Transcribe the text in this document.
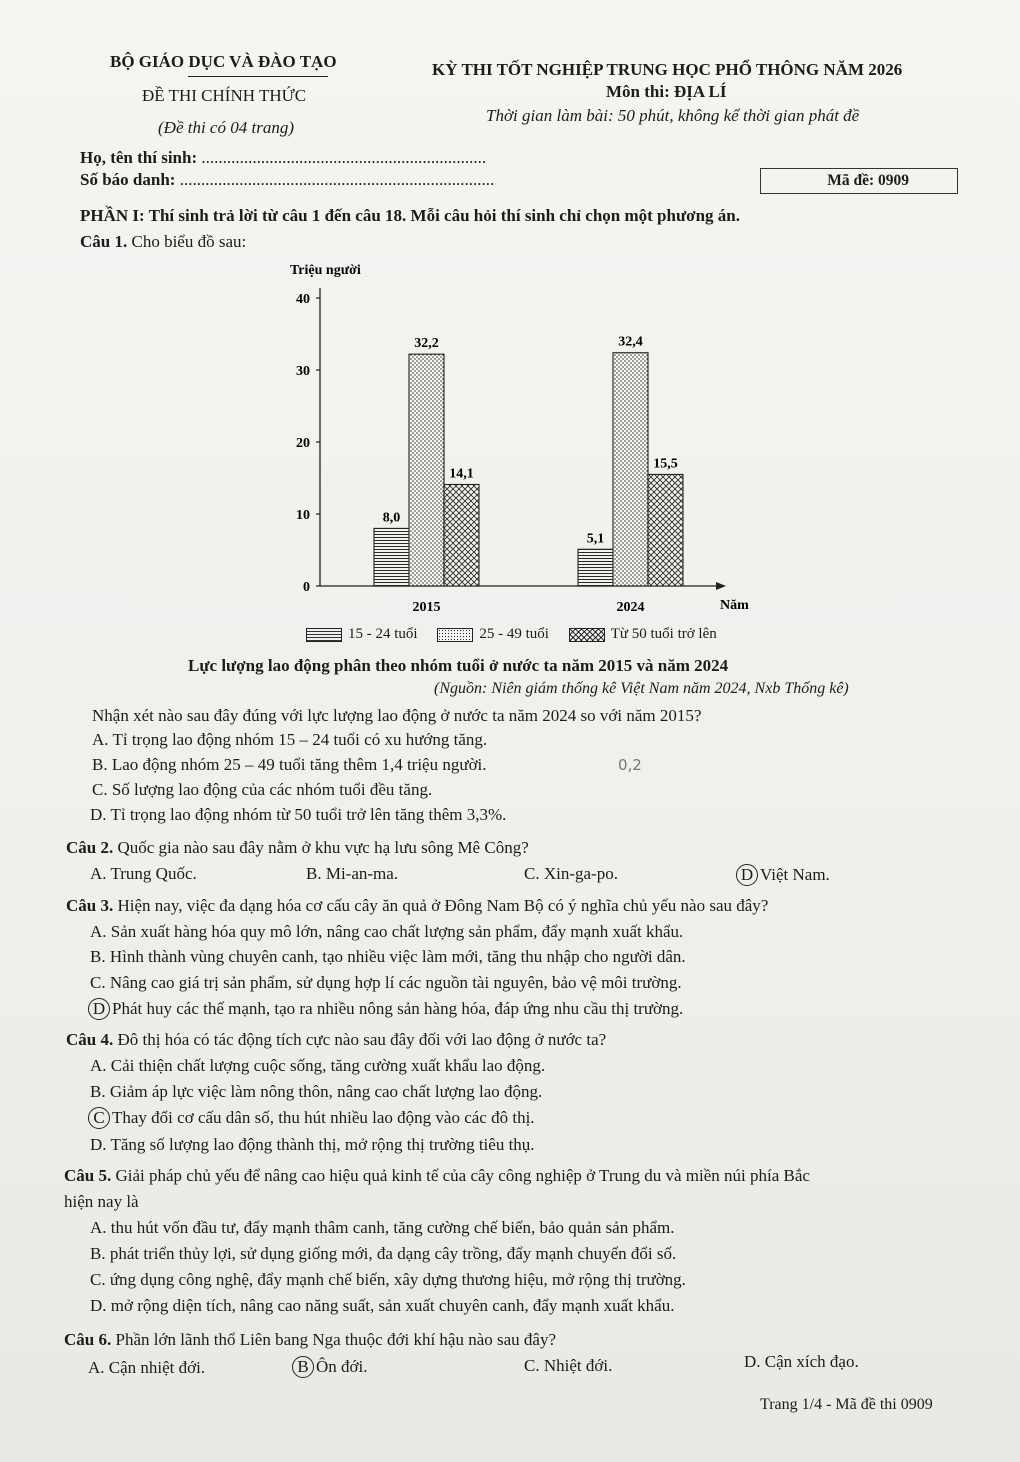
BỘ GIÁO DỤC VÀ ĐÀO TẠO
ĐỀ THI CHÍNH THỨC
(Đề thi có 04 trang)
KỲ THI TỐT NGHIỆP TRUNG HỌC PHỔ THÔNG NĂM 2026
Môn thi: ĐỊA LÍ
Thời gian làm bài: 50 phút, không kể thời gian phát đề
Họ, tên thí sinh: ...................................................................
Số báo danh: ..........................................................................	Mã đề: 0909
PHẦN I: Thí sinh trả lời từ câu 1 đến câu 18. Mỗi câu hỏi thí sinh chỉ chọn một phương án.
Câu 1. Cho biểu đồ sau:
Triệu người
Năm
0
10
20
30
40
8,0
32,2
14,1
2015
5,1
32,4
15,5
2024
15 - 24 tuổi	25 - 49 tuổi	Từ 50 tuổi trở lên
Lực lượng lao động phân theo nhóm tuổi ở nước ta năm 2015 và năm 2024
(Nguồn: Niên giám thống kê Việt Nam năm 2024, Nxb Thống kê)
Nhận xét nào sau đây đúng với lực lượng lao động ở nước ta năm 2024 so với năm 2015?
A. Tỉ trọng lao động nhóm 15 – 24 tuổi có xu hướng tăng.
B. Lao động nhóm 25 – 49 tuổi tăng thêm 1,4 triệu người.	0,2
C. Số lượng lao động của các nhóm tuổi đều tăng.
D. Tỉ trọng lao động nhóm từ 50 tuổi trở lên tăng thêm 3,3%.
Câu 2. Quốc gia nào sau đây nằm ở khu vực hạ lưu sông Mê Công?
A. Trung Quốc.	B. Mi-an-ma.	C. Xin-ga-po.	D Việt Nam.
Câu 3. Hiện nay, việc đa dạng hóa cơ cấu cây ăn quả ở Đông Nam Bộ có ý nghĩa chủ yếu nào sau đây?
A. Sản xuất hàng hóa quy mô lớn, nâng cao chất lượng sản phẩm, đẩy mạnh xuất khẩu.
B. Hình thành vùng chuyên canh, tạo nhiều việc làm mới, tăng thu nhập cho người dân.
C. Nâng cao giá trị sản phẩm, sử dụng hợp lí các nguồn tài nguyên, bảo vệ môi trường.
D Phát huy các thế mạnh, tạo ra nhiều nông sản hàng hóa, đáp ứng nhu cầu thị trường.
Câu 4. Đô thị hóa có tác động tích cực nào sau đây đối với lao động ở nước ta?
A. Cải thiện chất lượng cuộc sống, tăng cường xuất khẩu lao động.
B. Giảm áp lực việc làm nông thôn, nâng cao chất lượng lao động.
C Thay đổi cơ cấu dân số, thu hút nhiều lao động vào các đô thị.
D. Tăng số lượng lao động thành thị, mở rộng thị trường tiêu thụ.
Câu 5. Giải pháp chủ yếu để nâng cao hiệu quả kinh tế của cây công nghiệp ở Trung du và miền núi phía Bắc
hiện nay là
A. thu hút vốn đầu tư, đẩy mạnh thâm canh, tăng cường chế biến, bảo quản sản phẩm.
B. phát triển thủy lợi, sử dụng giống mới, đa dạng cây trồng, đẩy mạnh chuyển đổi số.
C. ứng dụng công nghệ, đẩy mạnh chế biến, xây dựng thương hiệu, mở rộng thị trường.
D. mở rộng diện tích, nâng cao năng suất, sản xuất chuyên canh, đẩy mạnh xuất khẩu.
Câu 6. Phần lớn lãnh thổ Liên bang Nga thuộc đới khí hậu nào sau đây?
A. Cận nhiệt đới.	B Ôn đới.	C. Nhiệt đới.	D. Cận xích đạo.
Trang 1/4 - Mã đề thi 0909
